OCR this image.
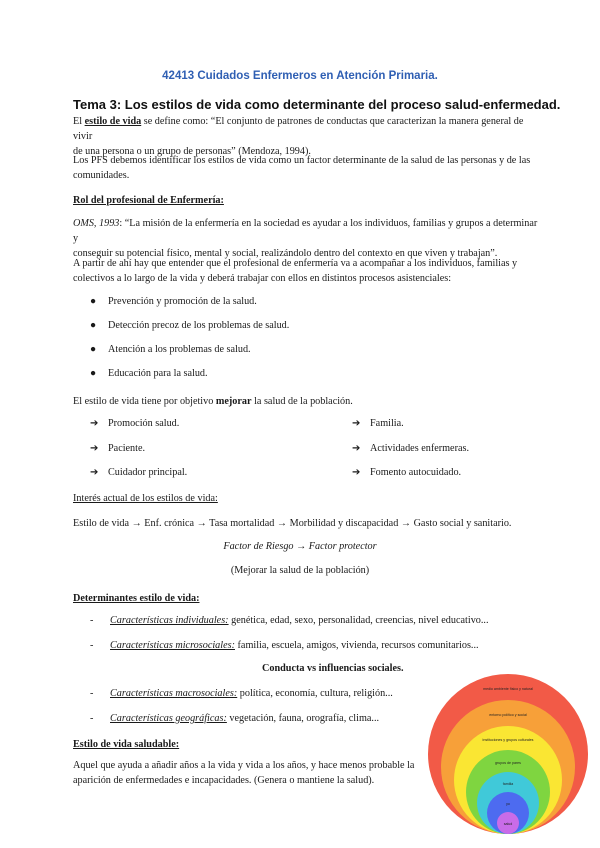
42413 Cuidados Enfermeros en Atención Primaria.
Tema 3: Los estilos de vida como determinante del proceso salud-enfermedad.
El estilo de vida se define como: “El conjunto de patrones de conductas que caracterizan la manera general de vivir
de una persona o un grupo de personas” (Mendoza, 1994).
Los PFS debemos identificar los estilos de vida como un factor determinante de la salud de las personas y de las
comunidades.
Rol del profesional de Enfermería:
OMS, 1993: “La misión de la enfermería en la sociedad es ayudar a los individuos, familias y grupos a determinar y
conseguir su potencial físico, mental y social, realizándolo dentro del contexto en que viven y trabajan”.
A partir de ahí hay que entender que el profesional de enfermería va a acompañar a los individuos, familias y
colectivos a lo largo de la vida y deberá trabajar con ellos en distintos procesos asistenciales:
● Prevención y promoción de la salud.
● Detección precoz de los problemas de salud.
● Atención a los problemas de salud.
● Educación para la salud.
El estilo de vida tiene por objetivo mejorar la salud de la población.
➔ Promoción salud.
➔ Paciente.
➔ Cuidador principal.
➔ Familia.
➔ Actividades enfermeras.
➔ Fomento autocuidado.
Interés actual de los estilos de vida:
Estilo de vida → Enf. crónica → Tasa mortalidad → Morbilidad y discapacidad → Gasto social y sanitario.
Factor de Riesgo → Factor protector
(Mejorar la salud de la población)
Determinantes estilo de vida:
- Características individuales: genética, edad, sexo, personalidad, creencias, nivel educativo...
- Características microsociales: familia, escuela, amigos, vivienda, recursos comunitarios...
Conducta vs influencias sociales.
- Características macrosociales: política, economía, cultura, religión...
- Características geográficas: vegetación, fauna, orografía, clima...
Estilo de vida saludable:
Aquel que ayuda a añadir años a la vida y vida a los años, y hace menos probable la
aparición de enfermedades e incapacidades. (Genera o mantiene la salud).
medio ambiente físico y natural
entorno político y social
instituciones y grupos culturales
grupos de pares
familia
yo
salud
